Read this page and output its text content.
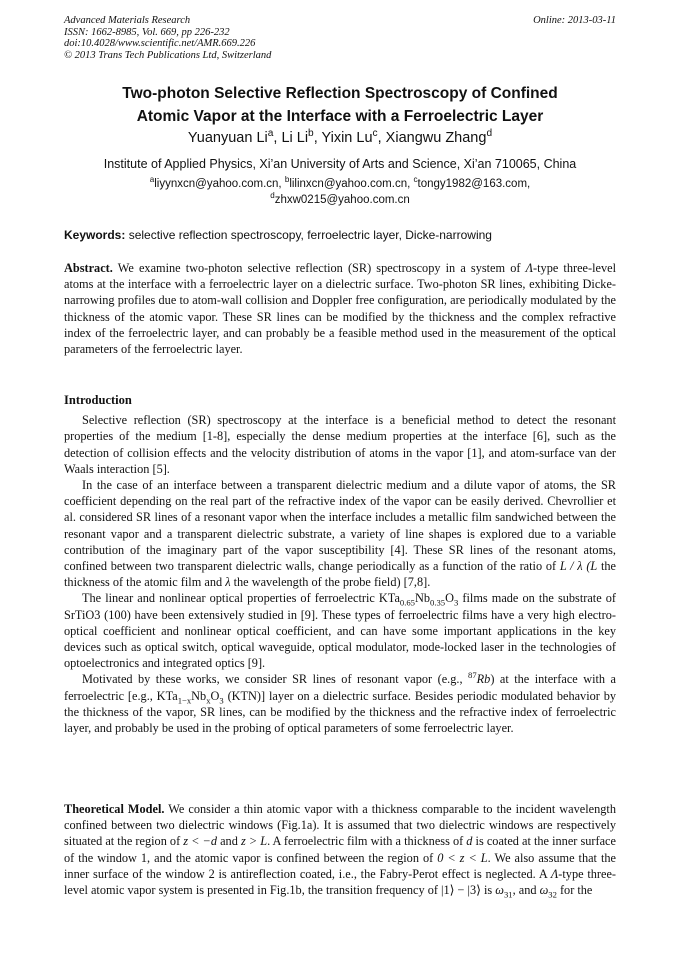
Advanced Materials Research
ISSN: 1662-8985, Vol. 669, pp 226-232
doi:10.4028/www.scientific.net/AMR.669.226
© 2013 Trans Tech Publications Ltd, Switzerland
Online: 2013-03-11
Two-photon Selective Reflection Spectroscopy of Confined
Atomic Vapor at the Interface with a Ferroelectric Layer
Yuanyuan Li$^a$, Li Li$^b$, Yixin Lu$^c$, Xiangwu Zhang$^d$
Institute of Applied Physics, Xi’an University of Arts and Science, Xi’an 710065, China
$^a$liyynxcn@yahoo.com.cn, $^b$lilinxcn@yahoo.com.cn, $^c$tongy1982@163.com,
$^d$zhxw0215@yahoo.com.cn
Keywords: selective reflection spectroscopy, ferroelectric layer, Dicke-narrowing

Abstract. We examine two-photon selective reflection (SR) spectroscopy in a system of Λ-type three-level atoms at the interface with a ferroelectric layer on a dielectric surface. Two-photon SR lines, exhibiting Dicke-narrowing profiles due to atom-wall collision and Doppler free configuration, are periodically modulated by the thickness of the atomic vapor. These SR lines can be modified by the thickness and the complex refractive index of the ferroelectric layer, and can probably be a feasible method used in the measurement of the optical parameters of the ferroelectric layer.

Introduction

Selective reflection (SR) spectroscopy at the interface is a beneficial method to detect the resonant properties of the medium [1-8], especially the dense medium properties at the interface [6], such as the detection of collision effects and the velocity distribution of atoms in the vapor [1], and atom-surface van der Waals interaction [5].

In the case of an interface between a transparent dielectric medium and a dilute vapor of atoms, the SR coefficient depending on the real part of the refractive index of the vapor can be easily derived. Chevrollier et al. considered SR lines of a resonant vapor when the interface includes a metallic film sandwiched between the resonant vapor and a transparent dielectric substrate, a variety of line shapes is explored due to a variable contribution of the imaginary part of the vapor susceptibility [4]. These SR lines of the resonant atoms, confined between two transparent dielectric walls, change periodically as a function of the ratio of L / λ (L the thickness of the atomic film and λ the wavelength of the probe field) [7,8].

The linear and nonlinear optical properties of ferroelectric $KTa_{0.65}Nb_{0.35}O_3$ films made on the substrate of SrTiO3 (100) have been extensively studied in [9]. These types of ferroelectric films have a very high electro-optical coefficient and nonlinear optical coefficient, and can have some important applications in the key devices such as optical switch, optical waveguide, optical modulator, mode-locked laser in the technologies of optoelectronics and integrated optics [9].

Motivated by these works, we consider SR lines of resonant vapor (e.g., $^{87}$Rb) at the interface with a ferroelectric [e.g., $KTa_{1-x}Nb_xO_3$ (KTN)] layer on a dielectric surface. Besides periodic modulated behavior by the thickness of the vapor, SR lines, can be modified by the thickness and the refractive index of ferroelectric layer, and probably be used in the probing of optical parameters of some ferroelectric layer.

Theoretical Model. We consider a thin atomic vapor with a thickness comparable to the incident wavelength confined between two dielectric windows (Fig.1a). It is assumed that two dielectric windows are respectively situated at the region of z < −d and z > L. A ferroelectric film with a thickness of d is coated at the inner surface of the window 1, and the atomic vapor is confined between the region of 0 < z < L. We also assume that the inner surface of the window 2 is antireflection coated, i.e., the Fabry-Perot effect is neglected. A Λ-type three-level atomic vapor system is presented in Fig.1b, the transition frequency of |1⟩ − |3⟩ is $\omega_{31}$, and $\omega_{32}$ for the
